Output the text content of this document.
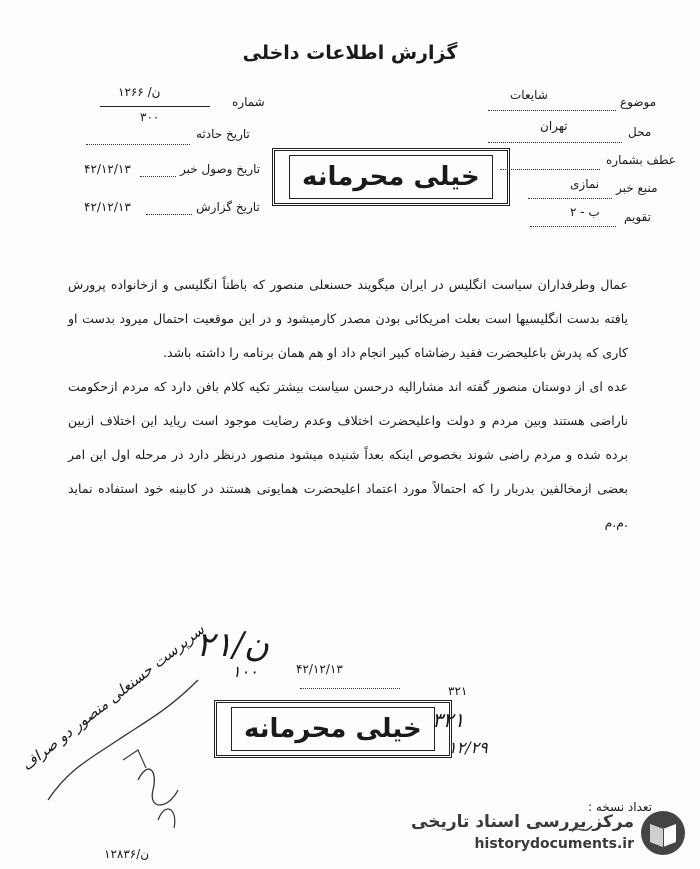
گزارش اطلاعات داخلی
شماره
ن/ ۱۲۶۶
۳۰۰
تاریخ حادثه
تاریخ وصول خبر
۴۲/۱۲/۱۳
تاریخ گزارش
۴۲/۱۲/۱۳
خیلی محرمانه
موضوع
شایعات
محل
تهران
عطف بشماره
منبع خبر
نمازی
تقویم
ب - ۲

عمال وطرفداران سیاست انگلیس در ایران میگویند حسنعلی منصور که باطناً انگلیسی و ازخانواده پرورش یافته بدست انگلیسیها است بعلت امریکائی بودن مصدر کارمیشود و در این موقعیت احتمال میرود بدست او کاری که پدرش باعلیحضرت فقید رضاشاه کبیر انجام داد او هم همان برنامه را داشته باشد.

عده ای از دوستان منصور گفته اند مشارالیه درحسن سیاست بیشتر تکیه کلام بافن دارد که مردم ازحکومت ناراضی هستند وبین مردم و دولت واعلیحضرت اختلاف وعدم رضایت موجود است ریاید این اختلاف ازبین برده شده و مردم راضی شوند بخصوص اینکه بعداً شنیده میشود منصور درنظر دارد در مرحله اول این امر بعضی ازمخالفین بدربار را که احتمالاً مورد اعتماد اعلیحضرت همایونی هستند در کابینه خود استفاده نماید .م.م

۲۱/ن
۱۰۰	۴۲/۱۲/۱۳
خیلی محرمانه
۳۲۱
۳۲۱
۱۲/۲۹
سرپرست حسنعلی منصور دو صراف
تعداد نسخه :
ن/۱۲۸۳۶
مرکز بررسی اسناد تاریخی
historydocuments.ir
